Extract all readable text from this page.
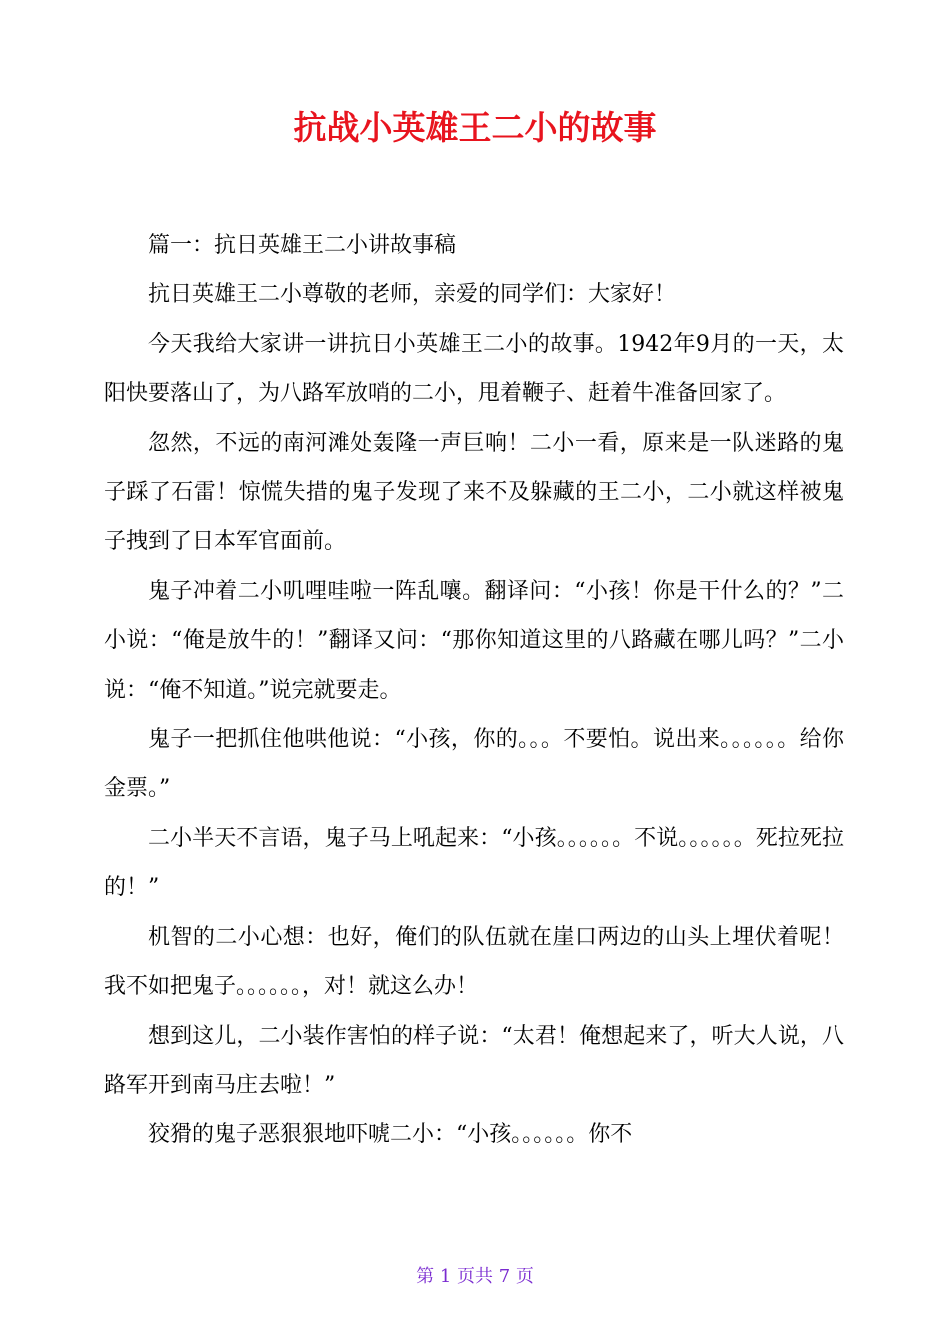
抗战小英雄王二小的故事

篇一：抗日英雄王二小讲故事稿

抗日英雄王二小尊敬的老师，亲爱的同学们：大家好！

今天我给大家讲一讲抗日小英雄王二小的故事。1942年9月的一天，太阳快要落山了，为八路军放哨的二小，甩着鞭子、赶着牛准备回家了。

忽然，不远的南河滩处轰隆一声巨响！二小一看，原来是一队迷路的鬼子踩了石雷！惊慌失措的鬼子发现了来不及躲藏的王二小，二小就这样被鬼子拽到了日本军官面前。

鬼子冲着二小叽哩哇啦一阵乱嚷。翻译问：“小孩！你是干什么的？”二小说：“俺是放牛的！”翻译又问：“那你知道这里的八路藏在哪儿吗？”二小说：“俺不知道。”说完就要走。

鬼子一把抓住他哄他说：“小孩，你的。。。不要怕。说出来。。。。。。给你金票。”

二小半天不言语，鬼子马上吼起来：“小孩。。。。。。不说。。。。。。死拉死拉的！”

机智的二小心想：也好，俺们的队伍就在崖口两边的山头上埋伏着呢！我不如把鬼子。。。。。。，对！就这么办！

想到这儿，二小装作害怕的样子说：“太君！俺想起来了，听大人说，八路军开到南马庄去啦！”

狡猾的鬼子恶狠狠地吓唬二小：“小孩。。。。。。你不

第 1 页共 7 页
